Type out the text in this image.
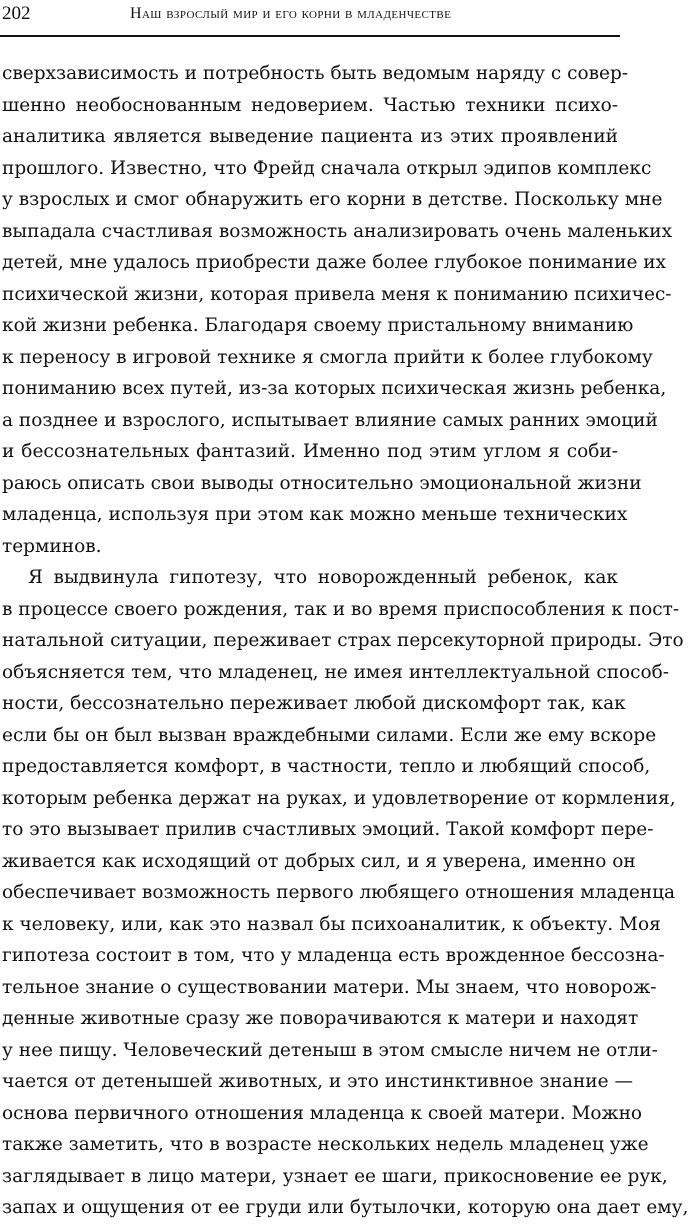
202	Наш взрослый мир и его корни в младенчестве
сверхзависимость и потребность быть ведомым наряду с совер-
шенно необоснованным недоверием. Частью техники психо-
аналитика является выведение пациента из этих проявлений
прошлого. Известно, что Фрейд сначала открыл эдипов комплекс
у взрослых и смог обнаружить его корни в детстве. Поскольку мне
выпадала счастливая возможность анализировать очень маленьких
детей, мне удалось приобрести даже более глубокое понимание их
психической жизни, которая привела меня к пониманию психичес-
кой жизни ребенка. Благодаря своему пристальному вниманию
к переносу в игровой технике я смогла прийти к более глубокому
пониманию всех путей, из-за которых психическая жизнь ребенка,
а позднее и взрослого, испытывает влияние самых ранних эмоций
и бессознательных фантазий. Именно под этим углом я соби-
раюсь описать свои выводы относительно эмоциональной жизни
младенца, используя при этом как можно меньше технических
терминов.
Я выдвинула гипотезу, что новорожденный ребенок, как
в процессе своего рождения, так и во время приспособления к пост-
натальной ситуации, переживает страх персекуторной природы. Это
объясняется тем, что младенец, не имея интеллектуальной способ-
ности, бессознательно переживает любой дискомфорт так, как
если бы он был вызван враждебными силами. Если же ему вскоре
предоставляется комфорт, в частности, тепло и любящий способ,
которым ребенка держат на руках, и удовлетворение от кормления,
то это вызывает прилив счастливых эмоций. Такой комфорт пере-
живается как исходящий от добрых сил, и я уверена, именно он
обеспечивает возможность первого любящего отношения младенца
к человеку, или, как это назвал бы психоаналитик, к объекту. Моя
гипотеза состоит в том, что у младенца есть врожденное бессозна-
тельное знание о существовании матери. Мы знаем, что новорож-
денные животные сразу же поворачиваются к матери и находят
у нее пищу. Человеческий детеныш в этом смысле ничем не отли-
чается от детенышей животных, и это инстинктивное знание —
основа первичного отношения младенца к своей матери. Можно
также заметить, что в возрасте нескольких недель младенец уже
заглядывает в лицо матери, узнает ее шаги, прикосновение ее рук,
запах и ощущения от ее груди или бутылочки, которую она дает ему,
